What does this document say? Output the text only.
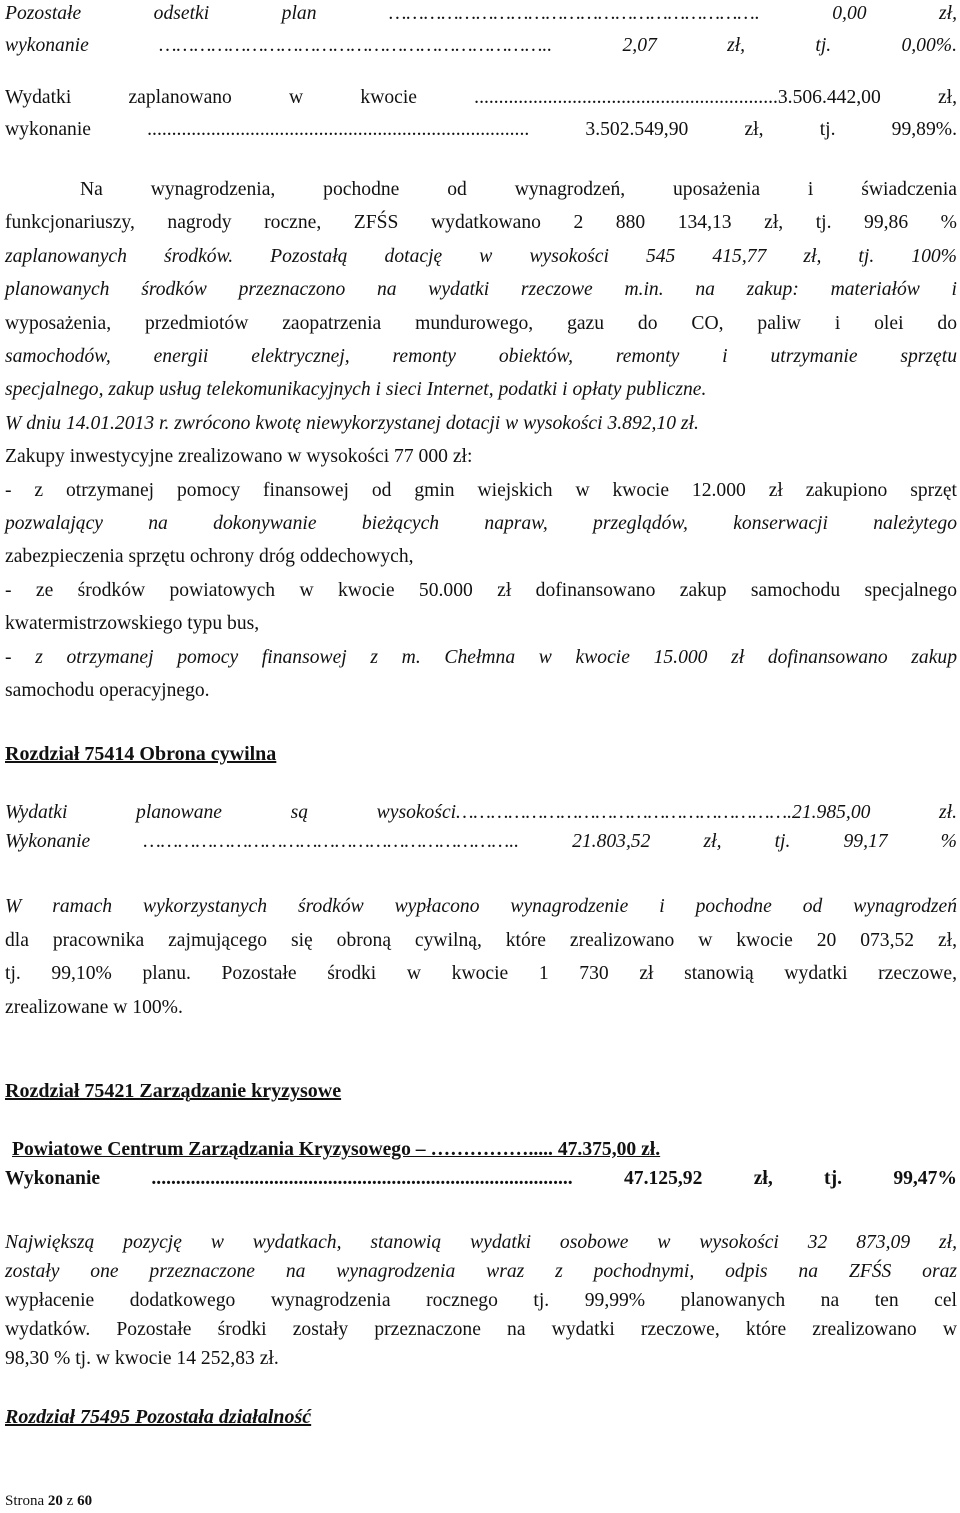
Pozostałe odsetki plan ………………………………………………………. 0,00 zł,
wykonanie ………………………………………………………….. 2,07 zł, tj. 0,00%.
Wydatki zaplanowano w kwocie ..............................................................3.506.442,00 zł,
wykonanie .............................................................................. 3.502.549,90 zł, tj. 99,89%.
Na wynagrodzenia, pochodne od wynagrodzeń, uposażenia i świadczenia
funkcjonariuszy, nagrody roczne, ZFŚS wydatkowano 2 880 134,13 zł, tj. 99,86 %
zaplanowanych środków. Pozostałą dotację w wysokości 545 415,77 zł, tj. 100%
planowanych środków przeznaczono na wydatki rzeczowe m.in. na zakup: materiałów i
wyposażenia, przedmiotów zaopatrzenia mundurowego, gazu do CO, paliw i olei do
samochodów, energii elektrycznej, remonty obiektów, remonty i utrzymanie sprzętu
specjalnego, zakup usług telekomunikacyjnych i sieci Internet, podatki i opłaty publiczne.
W dniu 14.01.2013 r. zwrócono kwotę niewykorzystanej dotacji w wysokości 3.892,10 zł.
Zakupy inwestycyjne zrealizowano w wysokości 77 000 zł:
- z otrzymanej pomocy finansowej od gmin wiejskich w kwocie 12.000 zł zakupiono sprzęt
pozwalający na dokonywanie bieżących napraw, przeglądów, konserwacji należytego
zabezpieczenia sprzętu ochrony dróg oddechowych,
- ze środków powiatowych w kwocie 50.000 zł dofinansowano zakup samochodu specjalnego
kwatermistrzowskiego typu bus,
- z otrzymanej pomocy finansowej z m. Chełmna w kwocie 15.000 zł dofinansowano zakup
samochodu operacyjnego.
Rozdział 75414 Obrona cywilna
Wydatki planowane są wysokości………………………………………………….21.985,00 zł.
Wykonanie ……………………………………………………….. 21.803,52 zł, tj. 99,17 %
W ramach wykorzystanych środków wypłacono wynagrodzenie i pochodne od wynagrodzeń
dla pracownika zajmującego się obroną cywilną, które zrealizowano w kwocie 20 073,52 zł,
tj. 99,10% planu. Pozostałe środki w kwocie 1 730 zł stanowią wydatki rzeczowe,
zrealizowane w 100%.
Rozdział 75421 Zarządzanie kryzysowe
Powiatowe Centrum Zarządzania Kryzysowego – ……………..... 47.375,00 zł.
Wykonanie ...................................................................................... 47.125,92 zł, tj. 99,47%
Największą pozycję w wydatkach, stanowią wydatki osobowe w wysokości 32 873,09 zł,
zostały one przeznaczone na wynagrodzenia wraz z pochodnymi, odpis na ZFŚS oraz
wypłacenie dodatkowego wynagrodzenia rocznego tj. 99,99% planowanych na ten cel
wydatków. Pozostałe środki zostały przeznaczone na wydatki rzeczowe, które zrealizowano w
98,30 % tj. w kwocie 14 252,83 zł.
Rozdział 75495 Pozostała działalność
Strona 20 z 60
